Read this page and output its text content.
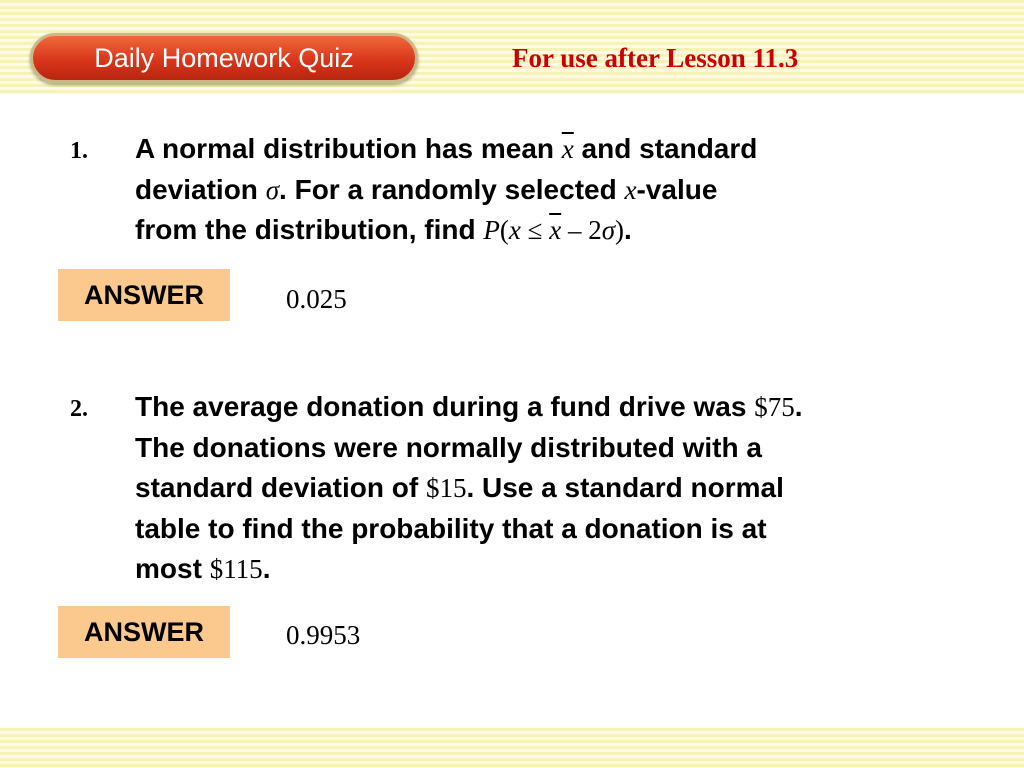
Daily Homework Quiz	For use after Lesson 11.3
1. A normal distribution has mean $\overline{x}$ and standard
deviation σ. For a randomly selected x-value
from the distribution, find $P(x \le \overline{x} - 2\sigma)$.
ANSWER	0.025
2. The average donation during a fund drive was $75.
The donations were normally distributed with a
standard deviation of $15. Use a standard normal
table to find the probability that a donation is at
most $115.
ANSWER	0.9953
